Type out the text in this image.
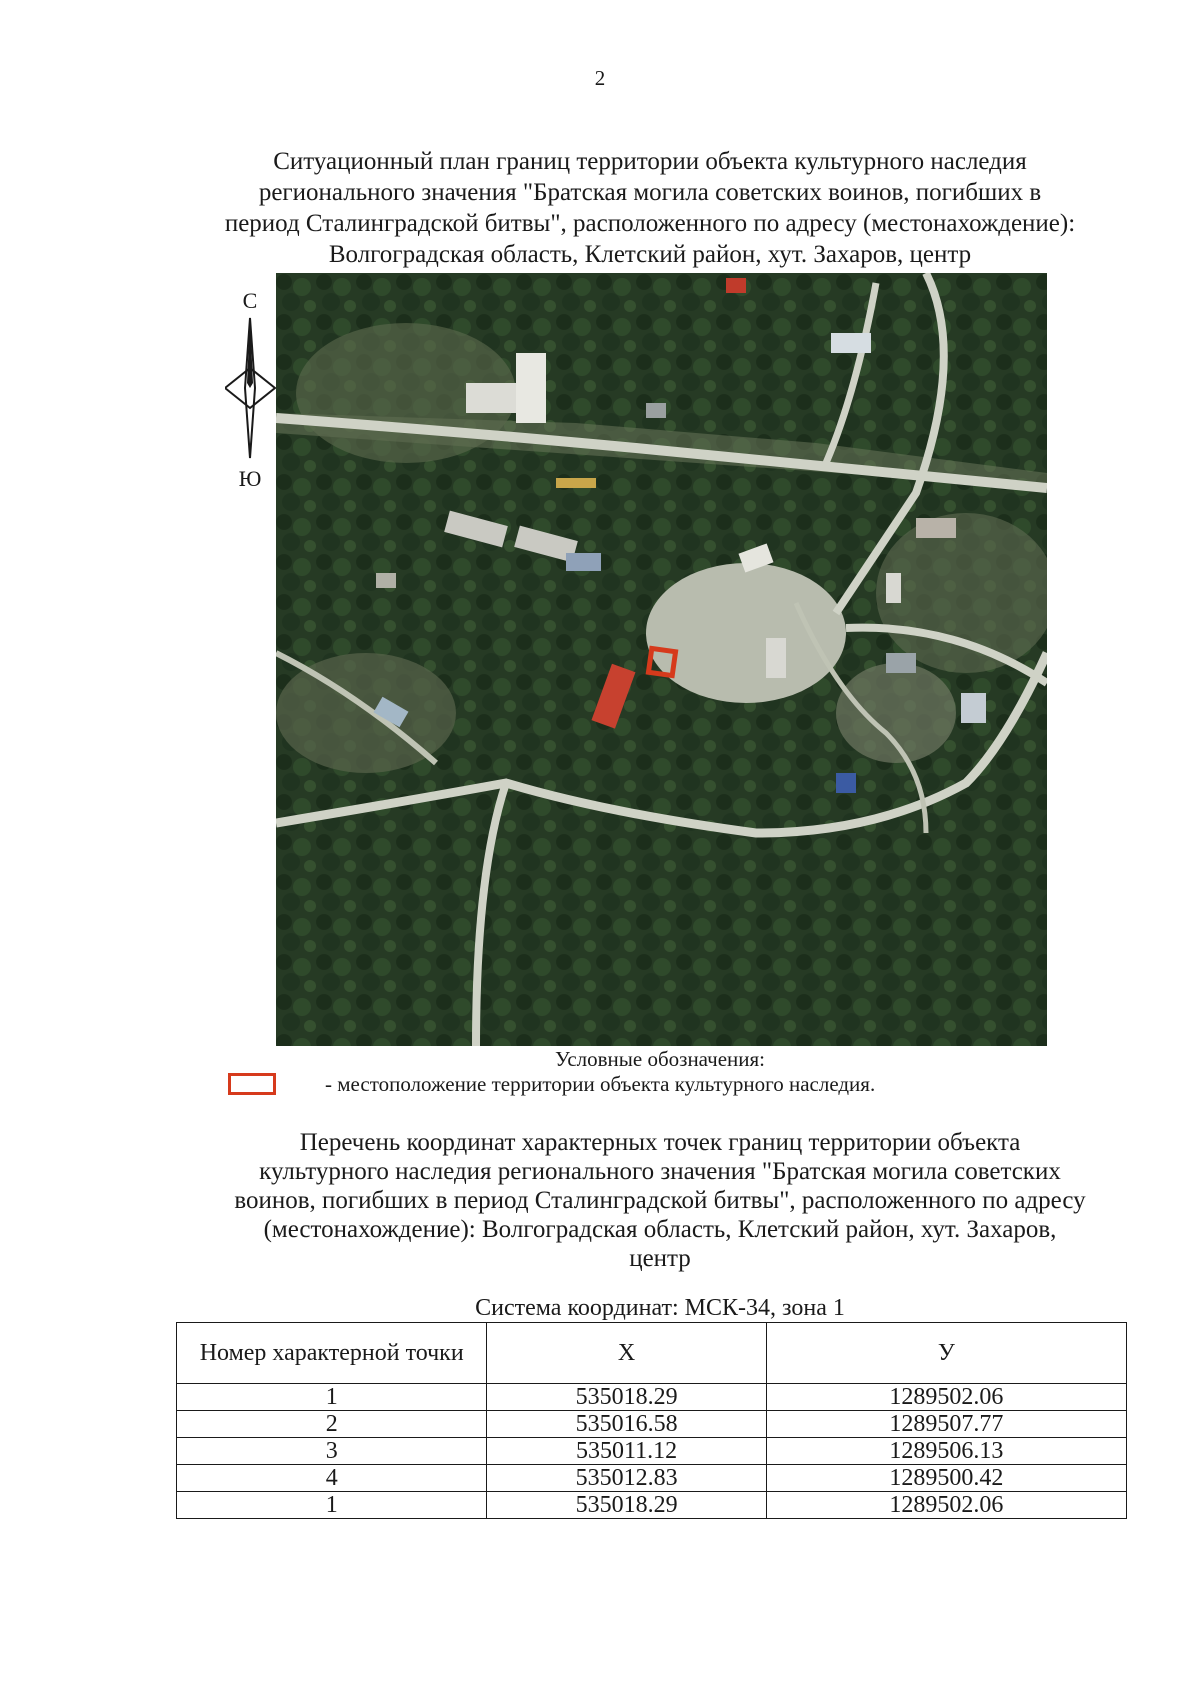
2
Ситуационный план границ территории объекта культурного наследия
регионального значения "Братская могила советских воинов, погибших в
период Сталинградской битвы", расположенного по адресу (местонахождение):
Волгоградская область, Клетский район, хут. Захаров, центр
С
Ю
Условные обозначения:
- местоположение территории объекта культурного наследия.
Перечень координат характерных точек границ территории объекта
культурного наследия регионального значения "Братская могила советских
воинов, погибших в период Сталинградской битвы", расположенного по адресу
(местонахождение): Волгоградская область, Клетский район, хут. Захаров,
центр
Система координат: МСК-34, зона 1
Номер характерной точки	X	У
1	535018.29	1289502.06
2	535016.58	1289507.77
3	535011.12	1289506.13
4	535012.83	1289500.42
1	535018.29	1289502.06
